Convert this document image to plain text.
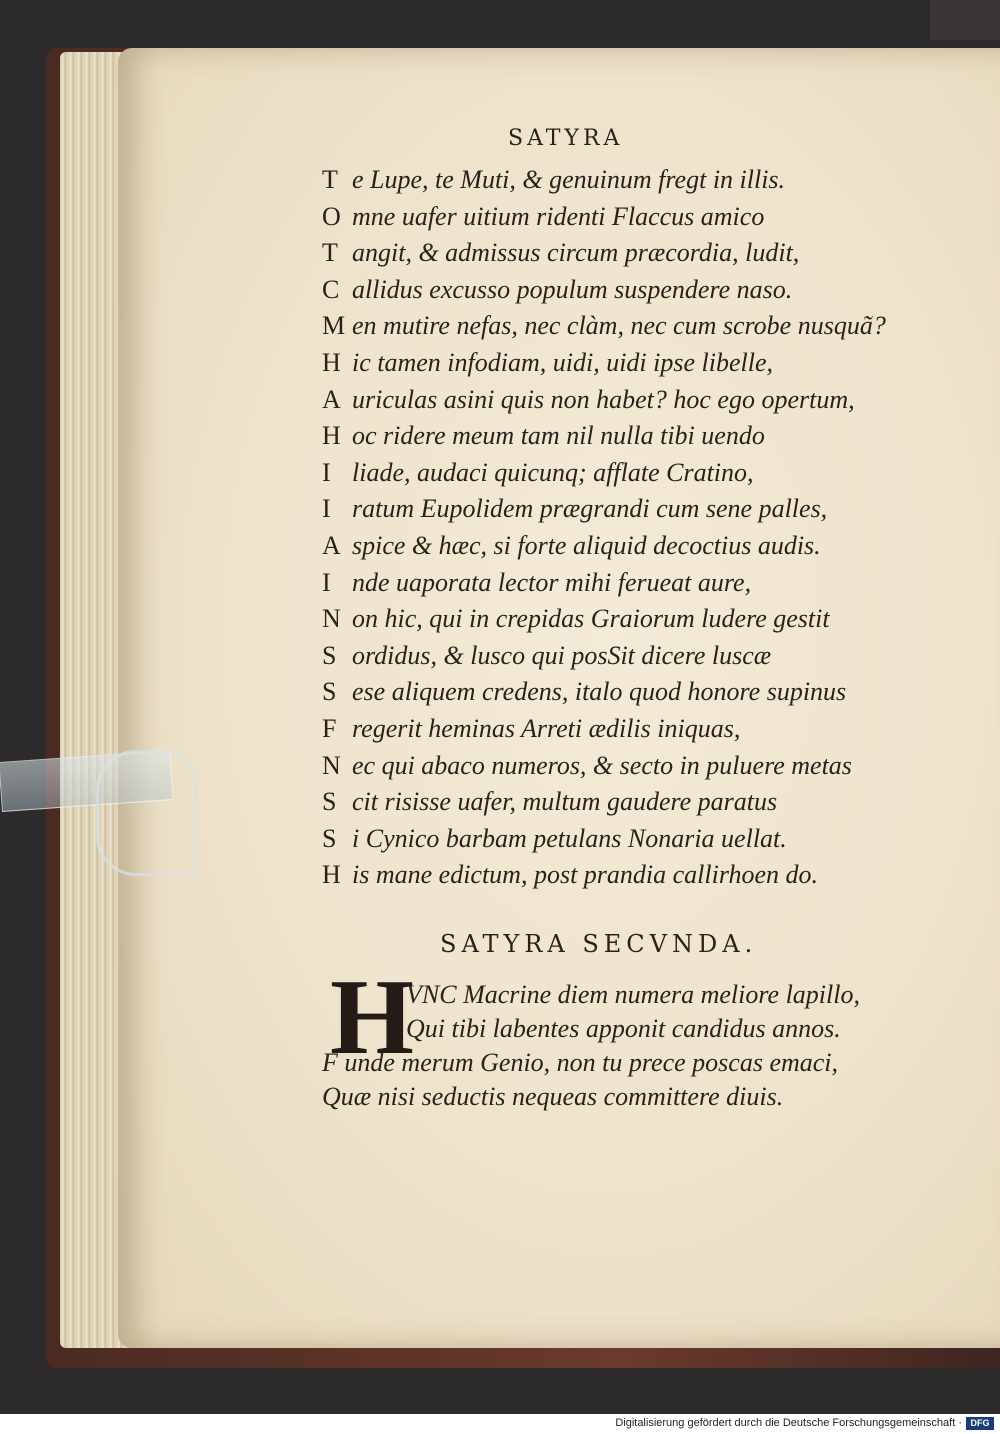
SATYRA
T e Lupe, te Muti, & genuinum fregt in illis.
O mne uafer uitium ridenti Flaccus amico
T angit, & admissus circum præcordia, ludit,
C allidus excusso populum suspendere naso.
M en mutire nefas, nec clàm, nec cum scrobe nusquã?
H ic tamen infodiam, uidi, uidi ipse libelle,
A uriculas asini quis non habet? hoc ego opertum,
H oc ridere meum tam nil nulla tibi uendo
I liade, audaci quicunq; afflate Cratino,
I ratum Eupolidem prægrandi cum sene palles,
A spice & hæc, si forte aliquid decoctius audis.
I nde uaporata lector mihi ferueat aure,
N on hic, qui in crepidas Graiorum ludere gestit
S ordidus, & lusco qui posSit dicere luscæ
S ese aliquem credens, italo quod honore supinus
F regerit heminas Arreti ædilis iniquas,
N ec qui abaco numeros, & secto in puluere metas
S cit risisse uafer, multum gaudere paratus
S i Cynico barbam petulans Nonaria uellat.
H is mane edictum, post prandia callirhoen do.
SATYRA SECVNDA.
H
VNC Macrine diem numera meliore lapillo,
Qui tibi labentes apponit candidus annos.
F unde merum Genio, non tu prece poscas emaci,
Quæ nisi seductis nequeas committere diuis.
Digitalisierung gefördert durch die Deutsche Forschungsgemeinschaft · DFG
